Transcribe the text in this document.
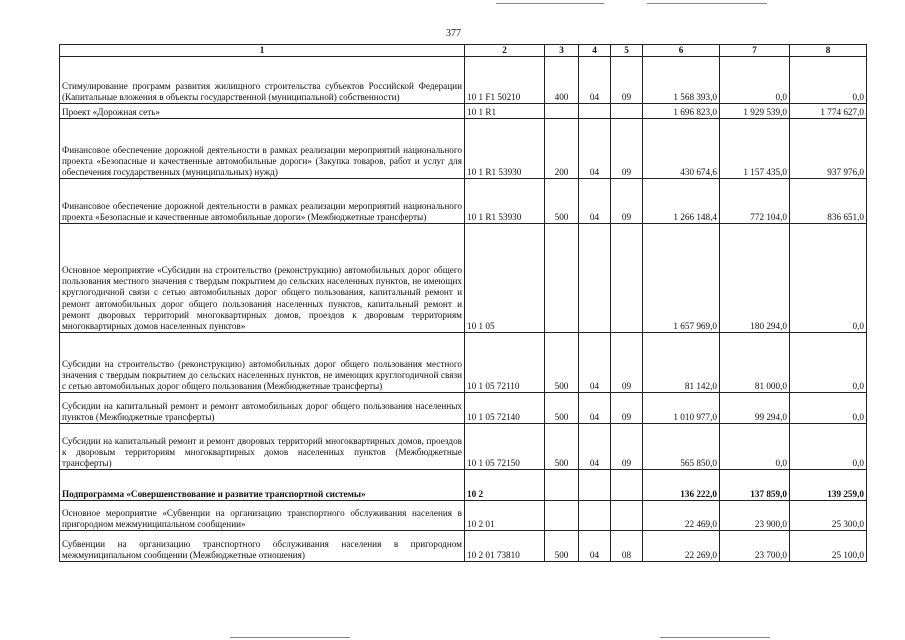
377
1	2	3	4	5	6	7	8
Стимулирование программ развития жилищного строительства субъектов Российской Федерации (Капитальные вложения в объекты государственной (муниципальной) собственности)	10 1 F1 50210	400	04	09	1 568 393,0	0,0	0,0
Проект «Дорожная сеть»	10 1 R1				1 696 823,0	1 929 539,0	1 774 627,0
Финансовое обеспечение дорожной деятельности в рамках реализации мероприятий национального проекта «Безопасные и качественные автомобильные дороги» (Закупка товаров, работ и услуг для обеспечения государственных (муниципальных) нужд)	10 1 R1 53930	200	04	09	430 674,6	1 157 435,0	937 976,0
Финансовое обеспечение дорожной деятельности в рамках реализации мероприятий национального проекта «Безопасные и качественные автомобильные дороги» (Межбюджетные трансферты)	10 1 R1 53930	500	04	09	1 266 148,4	772 104,0	836 651,0
Основное мероприятие «Субсидии на строительство (реконструкцию) автомобильных дорог общего пользования местного значения с твердым покрытием до сельских населенных пунктов, не имеющих круглогодичной связи с сетью автомобильных дорог общего пользования, капитальный ремонт и ремонт автомобильных дорог общего пользования населенных пунктов, капитальный ремонт и ремонт дворовых территорий многоквартирных домов, проездов к дворовым территориям многоквартирных домов населенных пунктов»	10 1 05				1 657 969,0	180 294,0	0,0
Субсидии на строительство (реконструкцию) автомобильных дорог общего пользования местного значения с твердым покрытием до сельских населенных пунктов, не имеющих круглогодичной связи с сетью автомобильных дорог общего пользования (Межбюджетные трансферты)	10 1 05 72110	500	04	09	81 142,0	81 000,0	0,0
Субсидии на капитальный ремонт и ремонт автомобильных дорог общего пользования населенных пунктов (Межбюджетные трансферты)	10 1 05 72140	500	04	09	1 010 977,0	99 294,0	0,0
Субсидии на капитальный ремонт и ремонт дворовых территорий многоквартирных домов, проездов к дворовым территориям многоквартирных домов населенных пунктов (Межбюджетные трансферты)	10 1 05 72150	500	04	09	565 850,0	0,0	0,0
Подпрограмма «Совершенствование и развитие транспортной системы»	10 2				136 222,0	137 859,0	139 259,0
Основное мероприятие «Субвенции на организацию транспортного обслуживания населения в пригородном межмуниципальном сообщении»	10 2 01				22 469,0	23 900,0	25 300,0
Субвенции на организацию транспортного обслуживания населения в пригородном межмуниципальном сообщении (Межбюджетные отношения)	10 2 01 73810	500	04	08	22 269,0	23 700,0	25 100,0
